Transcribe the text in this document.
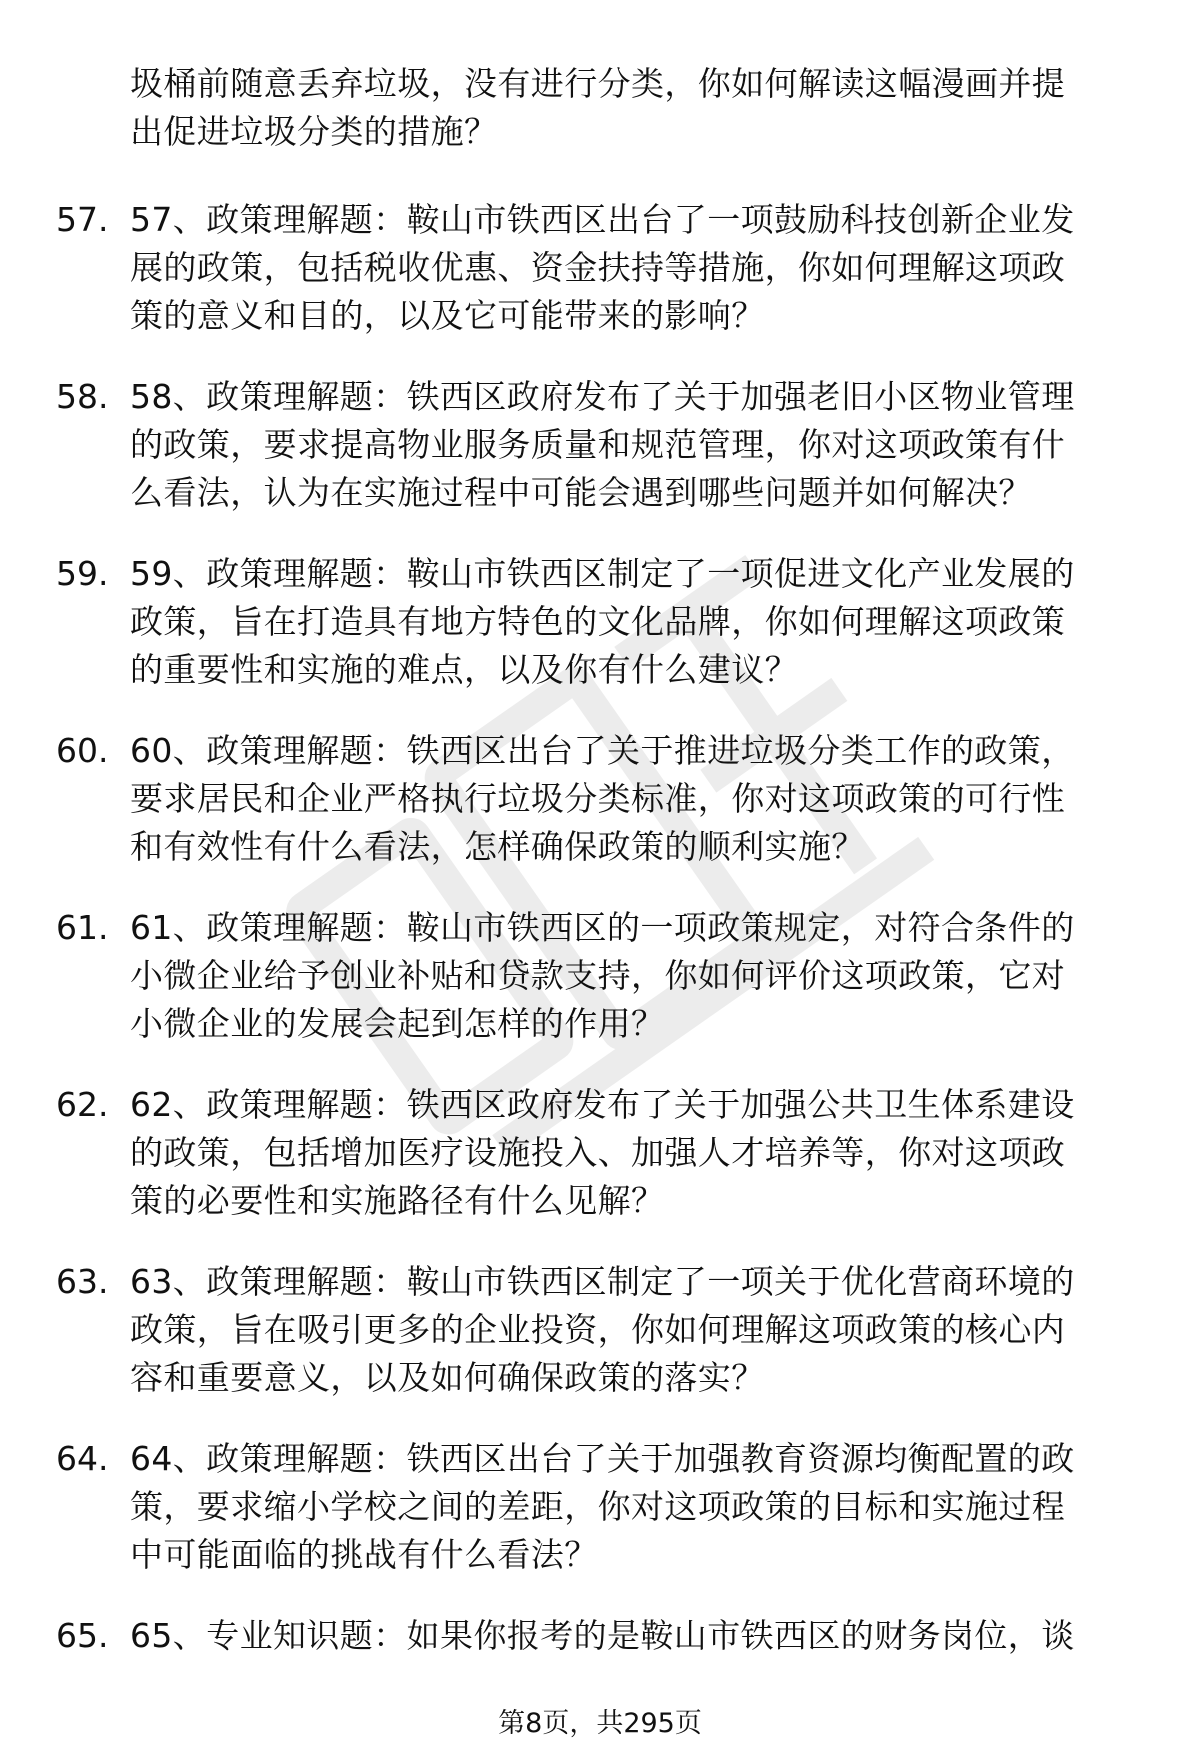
圾桶前随意丢弃垃圾，没有进行分类，你如何解读这幅漫画并提
出促进垃圾分类的措施？
57. 57、政策理解题：鞍山市铁西区出台了一项鼓励科技创新企业发
展的政策，包括税收优惠、资金扶持等措施，你如何理解这项政
策的意义和目的，以及它可能带来的影响？
58. 58、政策理解题：铁西区政府发布了关于加强老旧小区物业管理
的政策，要求提高物业服务质量和规范管理，你对这项政策有什
么看法，认为在实施过程中可能会遇到哪些问题并如何解决？
59. 59、政策理解题：鞍山市铁西区制定了一项促进文化产业发展的
政策，旨在打造具有地方特色的文化品牌，你如何理解这项政策
的重要性和实施的难点，以及你有什么建议？
60. 60、政策理解题：铁西区出台了关于推进垃圾分类工作的政策，
要求居民和企业严格执行垃圾分类标准，你对这项政策的可行性
和有效性有什么看法，怎样确保政策的顺利实施？
61. 61、政策理解题：鞍山市铁西区的一项政策规定，对符合条件的
小微企业给予创业补贴和贷款支持，你如何评价这项政策，它对
小微企业的发展会起到怎样的作用？
62. 62、政策理解题：铁西区政府发布了关于加强公共卫生体系建设
的政策，包括增加医疗设施投入、加强人才培养等，你对这项政
策的必要性和实施路径有什么见解？
63. 63、政策理解题：鞍山市铁西区制定了一项关于优化营商环境的
政策，旨在吸引更多的企业投资，你如何理解这项政策的核心内
容和重要意义，以及如何确保政策的落实？
64. 64、政策理解题：铁西区出台了关于加强教育资源均衡配置的政
策，要求缩小学校之间的差距，你对这项政策的目标和实施过程
中可能面临的挑战有什么看法？
65. 65、专业知识题：如果你报考的是鞍山市铁西区的财务岗位，谈
第8页，共295页
